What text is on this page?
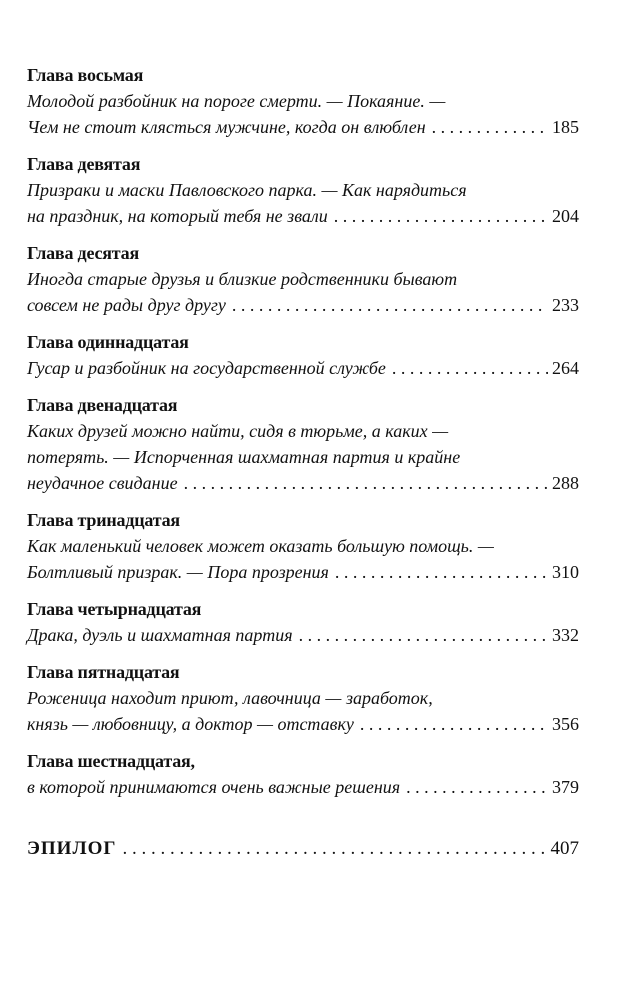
Глава восьмая
Молодой разбойник на пороге смерти. — Покаяние. —
Чем не стоит клясться мужчине, когда он влюблен . . .	185
Глава девятая
Призраки и маски Павловского парка. — Как нарядиться
на праздник, на который тебя не звали . . .	204
Глава десятая
Иногда старые друзья и близкие родственники бывают
совсем не рады друг другу . . .	233
Глава одиннадцатая
Гусар и разбойник на государственной службе . . .	264
Глава двенадцатая
Каких друзей можно найти, сидя в тюрьме, а каких —
потерять. — Испорченная шахматная партия и крайне
неудачное свидание . . .	288
Глава тринадцатая
Как маленький человек может оказать большую помощь. —
Болтливый призрак. — Пора прозрения . . .	310
Глава четырнадцатая
Драка, дуэль и шахматная партия . . .	332
Глава пятнадцатая
Роженица находит приют, лавочница — заработок,
князь — любовницу, а доктор — отставку . . .	356
Глава шестнадцатая,
в которой принимаются очень важные решения . . .	379
ЭПИЛОГ . . .	407
